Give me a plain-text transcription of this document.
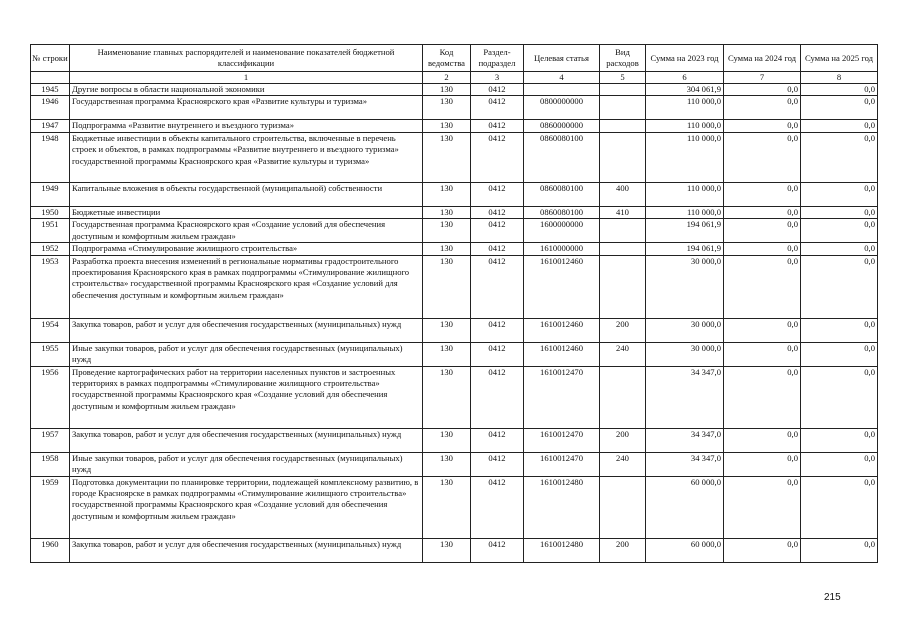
№ строки	Наименование главных распорядителей и наименование показателей бюджетной классификации	Код ведомства	Раздел-подраздел	Целевая статья	Вид расходов	Сумма на 2023 год	Сумма на 2024 год	Сумма на 2025 год
	1	2	3	4	5	6	7	8
1945	Другие вопросы в области национальной экономики	130	0412			304 061,9	0,0	0,0
1946	Государственная программа Красноярского края «Развитие культуры и туризма»	130	0412	0800000000		110 000,0	0,0	0,0
1947	Подпрограмма «Развитие внутреннего и въездного туризма»	130	0412	0860000000		110 000,0	0,0	0,0
1948	Бюджетные инвестиции в объекты капитального строительства, включенные в перечень строек и объектов, в рамках подпрограммы «Развитие внутреннего и въездного туризма» государственной программы Красноярского края «Развитие культуры и туризма»	130	0412	0860080100		110 000,0	0,0	0,0
1949	Капитальные вложения в объекты государственной (муниципальной) собственности	130	0412	0860080100	400	110 000,0	0,0	0,0
1950	Бюджетные инвестиции	130	0412	0860080100	410	110 000,0	0,0	0,0
1951	Государственная программа Красноярского края «Создание условий для обеспечения доступным и комфортным жильем граждан»	130	0412	1600000000		194 061,9	0,0	0,0
1952	Подпрограмма «Стимулирование жилищного строительства»	130	0412	1610000000		194 061,9	0,0	0,0
1953	Разработка проекта внесения изменений в региональные нормативы градостроительного проектирования Красноярского края в рамках подпрограммы «Стимулирование жилищного строительства» государственной программы Красноярского края «Создание условий для обеспечения доступным и комфортным жильем граждан»	130	0412	1610012460		30 000,0	0,0	0,0
1954	Закупка товаров, работ и услуг для обеспечения государственных (муниципальных) нужд	130	0412	1610012460	200	30 000,0	0,0	0,0
1955	Иные закупки товаров, работ и услуг для обеспечения государственных (муниципальных) нужд	130	0412	1610012460	240	30 000,0	0,0	0,0
1956	Проведение картографических работ на территории населенных пунктов и застроенных территориях в рамках подпрограммы «Стимулирование жилищного строительства» государственной программы Красноярского края «Создание условий для обеспечения доступным и комфортным жильем граждан»	130	0412	1610012470		34 347,0	0,0	0,0
1957	Закупка товаров, работ и услуг для обеспечения государственных (муниципальных) нужд	130	0412	1610012470	200	34 347,0	0,0	0,0
1958	Иные закупки товаров, работ и услуг для обеспечения государственных (муниципальных) нужд	130	0412	1610012470	240	34 347,0	0,0	0,0
1959	Подготовка документации по планировке территории, подлежащей комплексному развитию, в городе Красноярске в рамках подпрограммы «Стимулирование жилищного строительства» государственной программы Красноярского края «Создание условий для обеспечения доступным и комфортным жильем граждан»	130	0412	1610012480		60 000,0	0,0	0,0
1960	Закупка товаров, работ и услуг для обеспечения государственных (муниципальных) нужд	130	0412	1610012480	200	60 000,0	0,0	0,0
215
